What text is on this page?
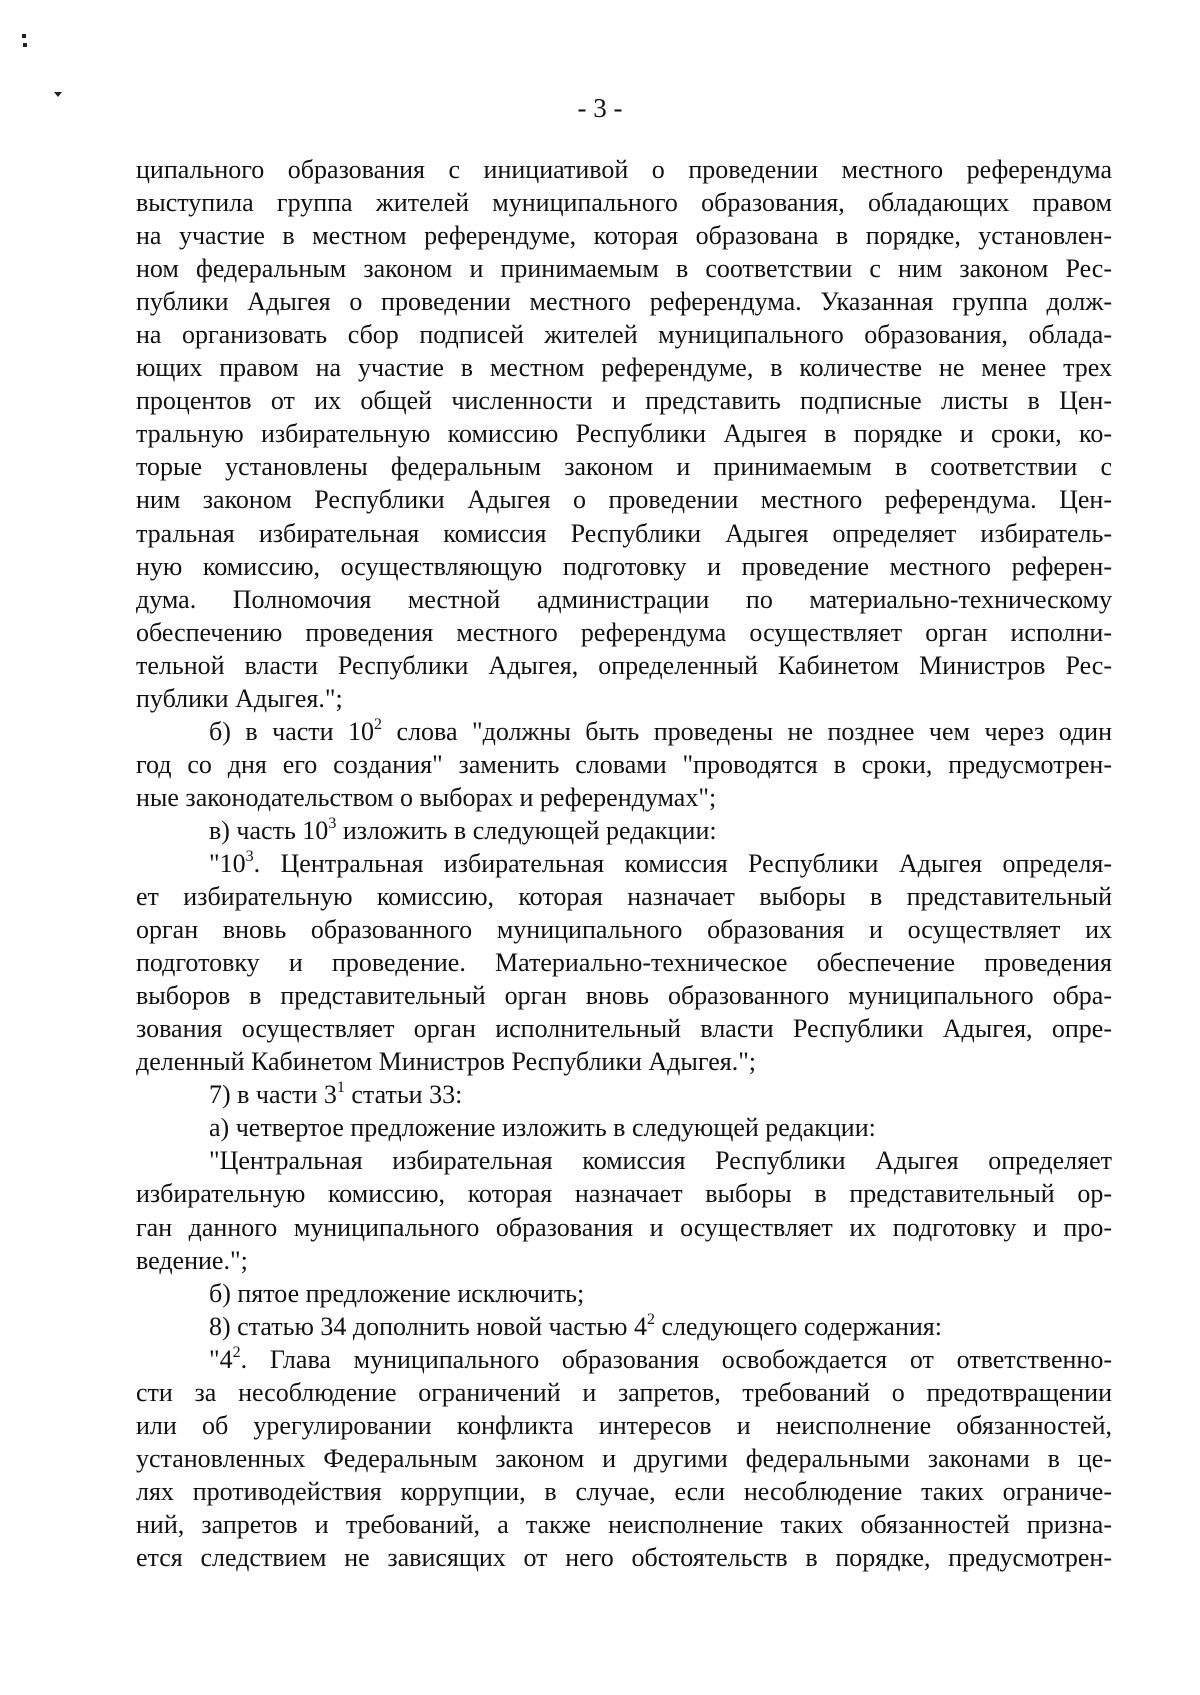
- 3 -
ципального образования с инициативой о проведении местного референдума
выступила группа жителей муниципального образования, обладающих правом
на участие в местном референдуме, которая образована в порядке, установлен-
ном федеральным законом и принимаемым в соответствии с ним законом Рес-
публики Адыгея о проведении местного референдума. Указанная группа долж-
на организовать сбор подписей жителей муниципального образования, облада-
ющих правом на участие в местном референдуме, в количестве не менее трех
процентов от их общей численности и представить подписные листы в Цен-
тральную избирательную комиссию Республики Адыгея в порядке и сроки, ко-
торые установлены федеральным законом и принимаемым в соответствии с
ним законом Республики Адыгея о проведении местного референдума. Цен-
тральная избирательная комиссия Республики Адыгея определяет избиратель-
ную комиссию, осуществляющую подготовку и проведение местного референ-
дума. Полномочия местной администрации по материально-техническому
обеспечению проведения местного референдума осуществляет орган исполни-
тельной власти Республики Адыгея, определенный Кабинетом Министров Рес-
публики Адыгея.";
б) в части $10^2$ слова "должны быть проведены не позднее чем через один
год со дня его создания" заменить словами "проводятся в сроки, предусмотрен-
ные законодательством о выборах и референдумах";
в) часть $10^3$ изложить в следующей редакции:
"$10^3$. Центральная избирательная комиссия Республики Адыгея определя-
ет избирательную комиссию, которая назначает выборы в представительный
орган вновь образованного муниципального образования и осуществляет их
подготовку и проведение. Материально-техническое обеспечение проведения
выборов в представительный орган вновь образованного муниципального обра-
зования осуществляет орган исполнительный власти Республики Адыгея, опре-
деленный Кабинетом Министров Республики Адыгея.";
7) в части $3^1$ статьи 33:
а) четвертое предложение изложить в следующей редакции:
"Центральная избирательная комиссия Республики Адыгея определяет
избирательную комиссию, которая назначает выборы в представительный ор-
ган данного муниципального образования и осуществляет их подготовку и про-
ведение.";
б) пятое предложение исключить;
8) статью 34 дополнить новой частью $4^2$ следующего содержания:
"$4^2$. Глава муниципального образования освобождается от ответственно-
сти за несоблюдение ограничений и запретов, требований о предотвращении
или об урегулировании конфликта интересов и неисполнение обязанностей,
установленных Федеральным законом и другими федеральными законами в це-
лях противодействия коррупции, в случае, если несоблюдение таких ограниче-
ний, запретов и требований, а также неисполнение таких обязанностей призна-
ется следствием не зависящих от него обстоятельств в порядке, предусмотрен-
